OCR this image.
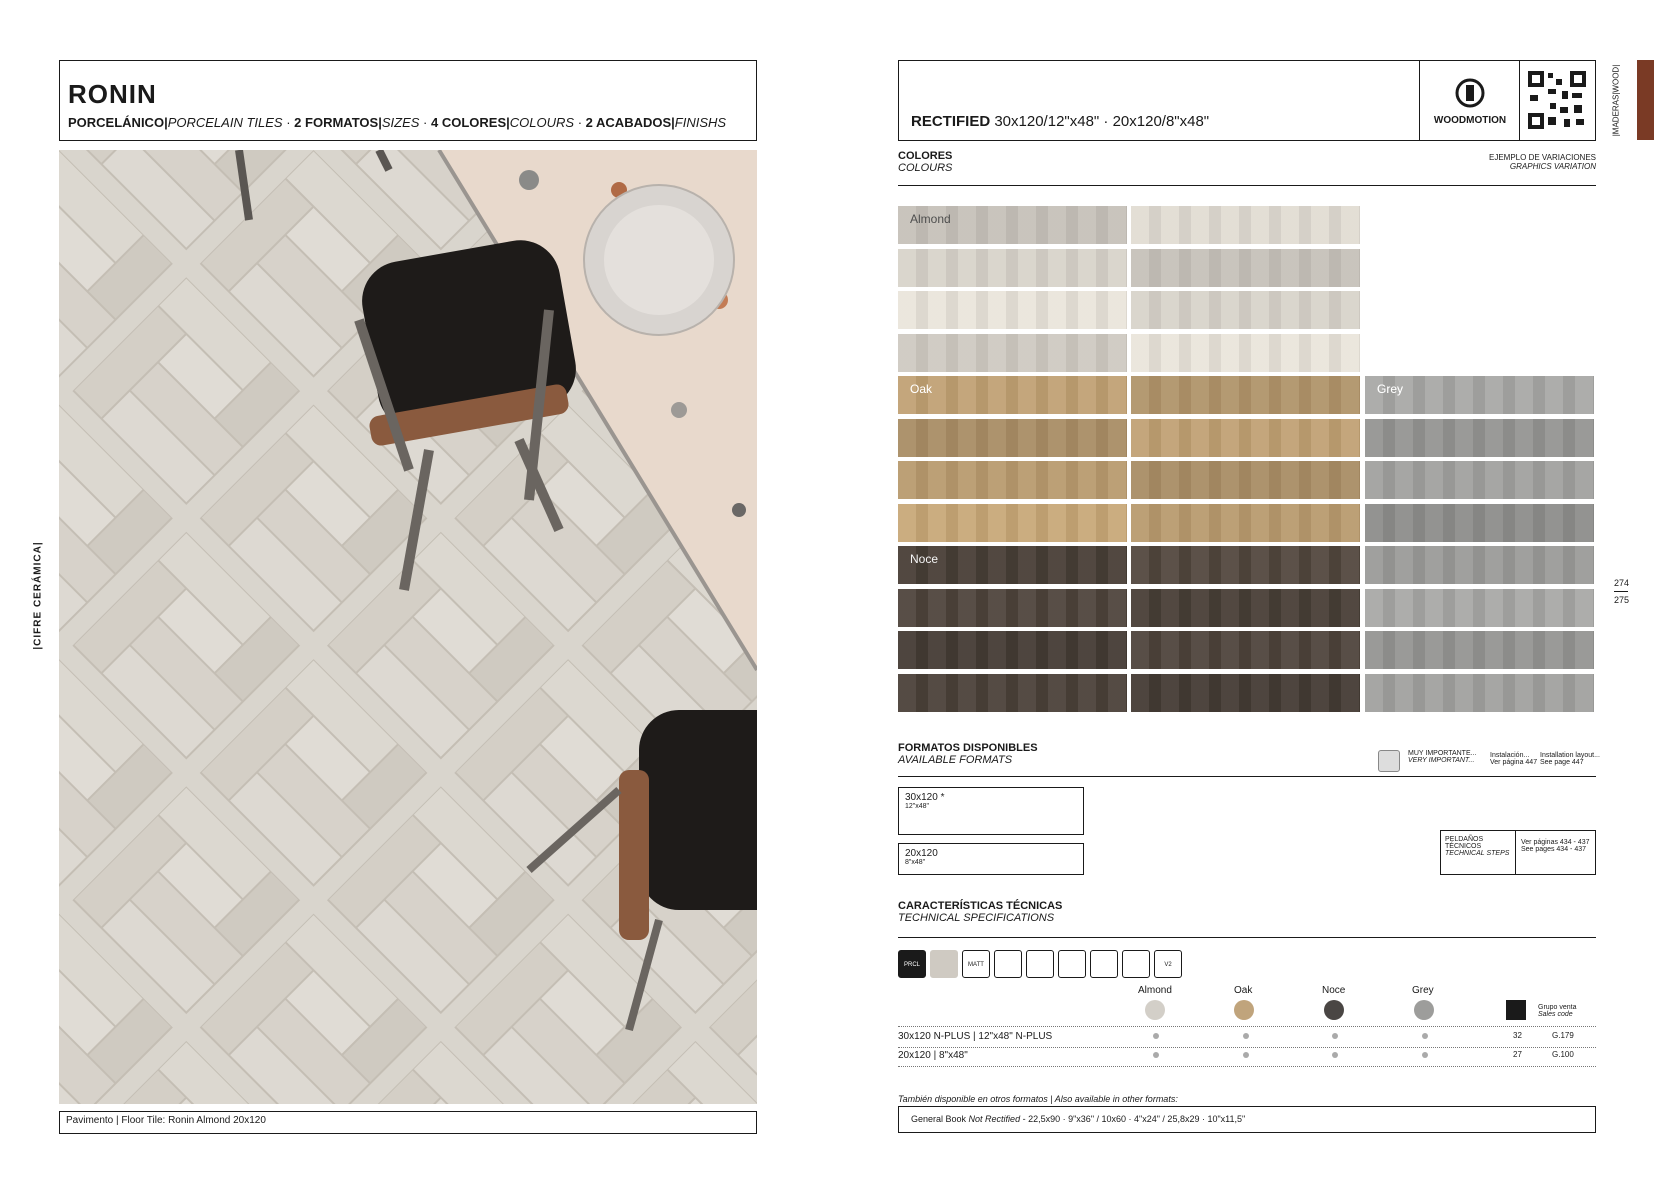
RONIN
PORCELÁNICO|PORCELAIN TILES · 2 FORMATOS|SIZES · 4 COLORES|COLOURS · 2 ACABADOS|FINISHS
|CIFRE CERÁMICA|
Pavimento | Floor Tile: Ronin Almond 20x120
RECTIFIED 30x120/12"x48" · 20x120/8"x48"	WOODMOTION	|MADERAS|WOOD|
COLORES
COLOURS
EJEMPLO DE VARIACIONES
GRAPHICS VARIATION
Almond
Oak
Noce
Grey
274
275
FORMATOS DISPONIBLES
AVAILABLE FORMATS
MUY IMPORTANTE...
VERY IMPORTANT...
Instalación...
Ver página 447
Installation layout...
See page 447
30x120 *
12"x48"
20x120
8"x48"
PELDAÑOS TÉCNICOS
TECHNICAL STEPS
Ver páginas 434 - 437
See pages 434 - 437
CARACTERÍSTICAS TÉCNICAS
TECHNICAL SPECIFICATIONS
PRCL	MATT	V2
Almond	Oak	Noce	Grey
Grupo venta
Sales code
30x120 N-PLUS | 12"x48" N-PLUS	32	G.179
20x120 | 8"x48"	27	G.100
También disponible en otros formatos | Also available in other formats:
General Book Not Rectified - 22,5x90 · 9"x36" / 10x60 · 4"x24" / 25,8x29 · 10"x11,5"
